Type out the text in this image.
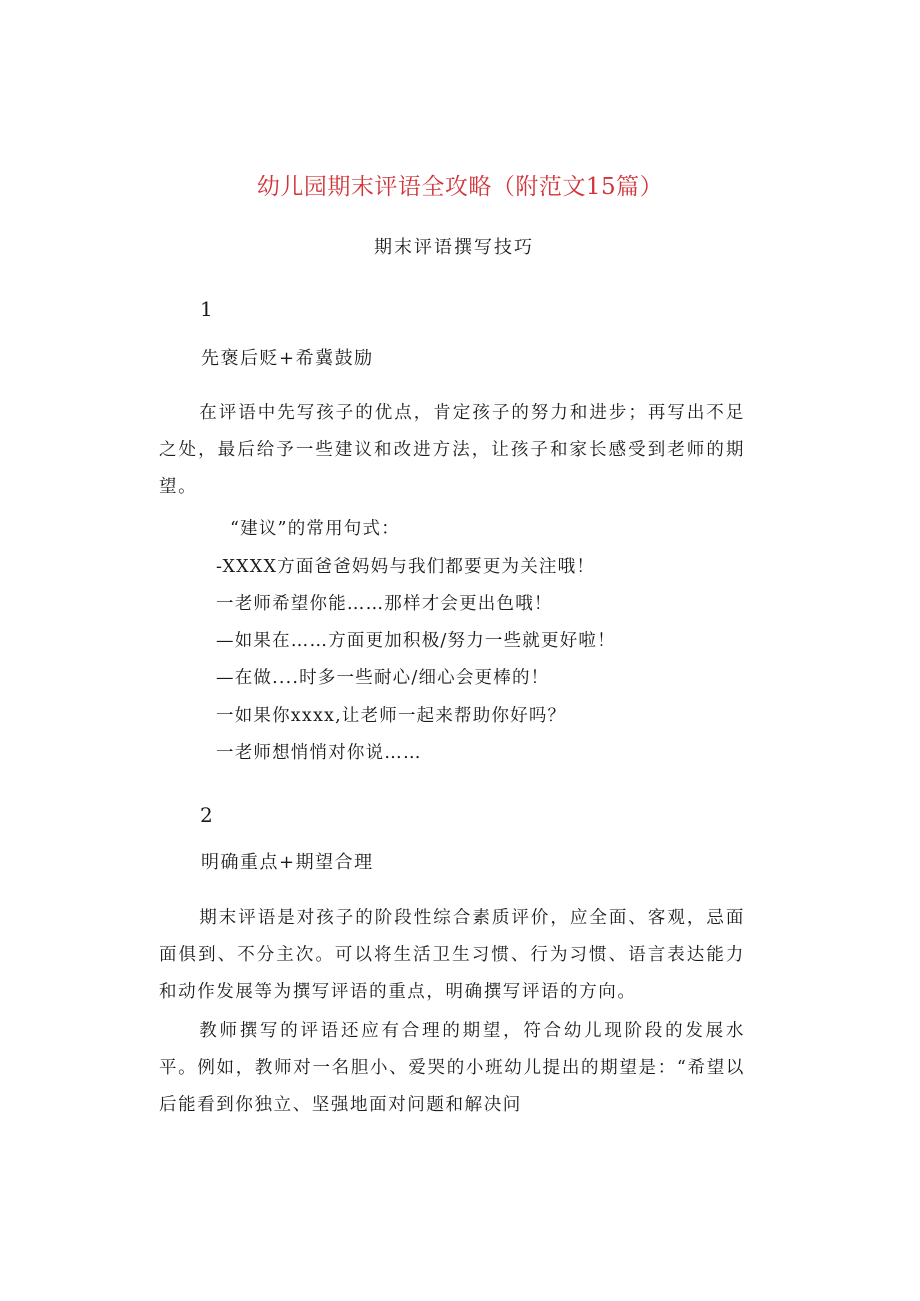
幼儿园期末评语全攻略（附范文15篇）
期末评语撰写技巧
1
先褒后贬+希冀鼓励

在评语中先写孩子的优点，肯定孩子的努力和进步；再写出不足之处，最后给予一些建议和改进方法，让孩子和家长感受到老师的期望。

“建议”的常用句式：
-XXXX方面爸爸妈妈与我们都要更为关注哦！
一老师希望你能……那样才会更出色哦！
—如果在……方面更加积极/努力一些就更好啦！
—在做....时多一些耐心/细心会更棒的！
一如果你xxxx,让老师一起来帮助你好吗？
一老师想悄悄对你说……
2
明确重点+期望合理

期末评语是对孩子的阶段性综合素质评价，应全面、客观，忌面面俱到、不分主次。可以将生活卫生习惯、行为习惯、语言表达能力和动作发展等为撰写评语的重点，明确撰写评语的方向。

教师撰写的评语还应有合理的期望，符合幼儿现阶段的发展水平。例如，教师对一名胆小、爱哭的小班幼儿提出的期望是：“希望以后能看到你独立、坚强地面对问题和解决问
